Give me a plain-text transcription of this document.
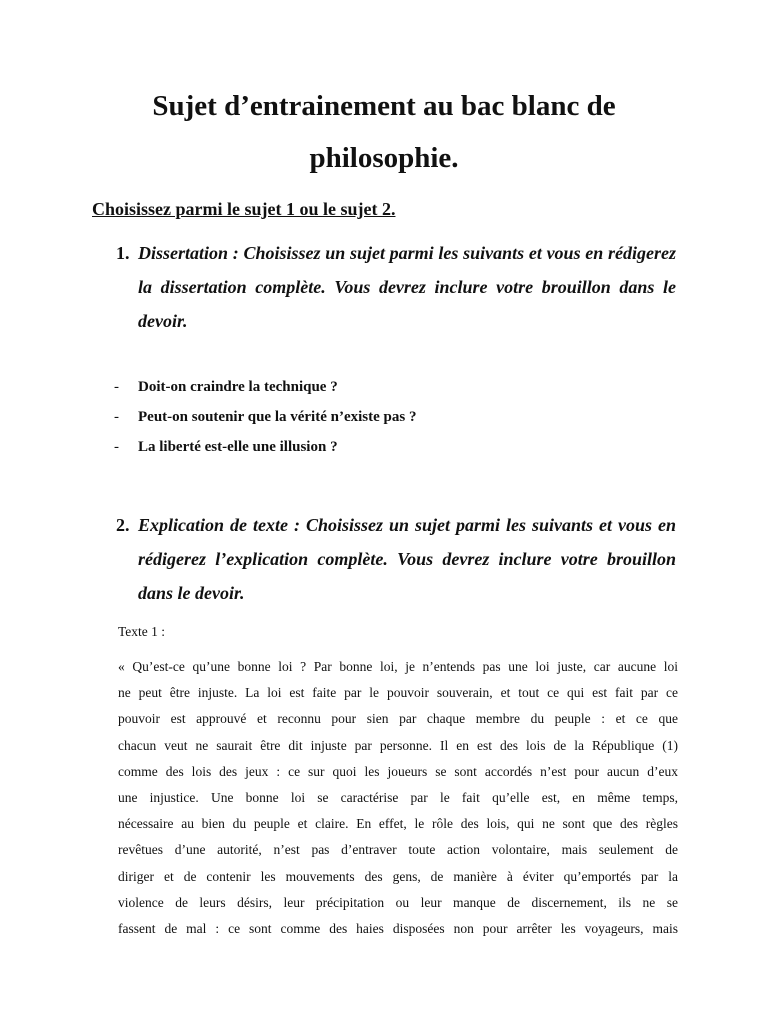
Sujet d’entrainement au bac blanc de
philosophie.

Choisissez parmi le sujet 1 ou le sujet 2.

1. Dissertation : Choisissez un sujet parmi les suivants et vous en rédigerez la dissertation complète. Vous devrez inclure votre brouillon dans le devoir.
- Doit-on craindre la technique ?
- Peut-on soutenir que la vérité n’existe pas ?
- La liberté est-elle une illusion ?
2. Explication de texte : Choisissez un sujet parmi les suivants et vous en rédigerez l’explication complète. Vous devrez inclure votre brouillon dans le devoir.

Texte 1 :

« Qu’est-ce qu’une bonne loi ? Par bonne loi, je n’entends pas une loi juste, car aucune loi
ne peut être injuste. La loi est faite par le pouvoir souverain, et tout ce qui est fait par ce
pouvoir est approuvé et reconnu pour sien par chaque membre du peuple : et ce que
chacun veut ne saurait être dit injuste par personne. Il en est des lois de la République (1)
comme des lois des jeux : ce sur quoi les joueurs se sont accordés n’est pour aucun d’eux
une injustice. Une bonne loi se caractérise par le fait qu’elle est, en même temps,
nécessaire au bien du peuple et claire. En effet, le rôle des lois, qui ne sont que des règles
revêtues d’une autorité, n’est pas d’entraver toute action volontaire, mais seulement de
diriger et de contenir les mouvements des gens, de manière à éviter qu’emportés par la
violence de leurs désirs, leur précipitation ou leur manque de discernement, ils ne se
fassent de mal : ce sont comme des haies disposées non pour arrêter les voyageurs, mais
